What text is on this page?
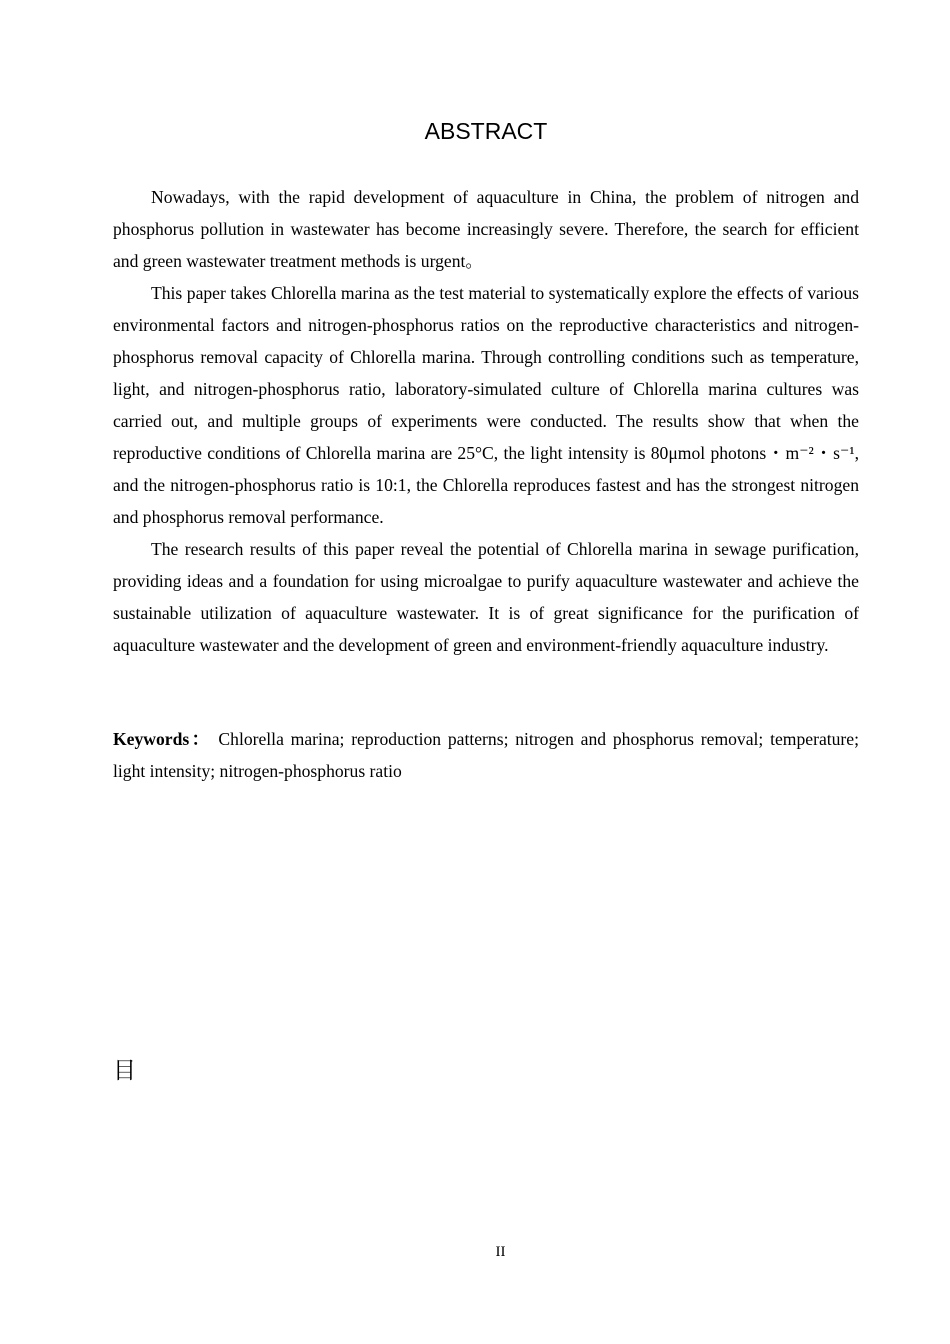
ABSTRACT

Nowadays, with the rapid development of aquaculture in China, the problem of nitrogen and phosphorus pollution in wastewater has become increasingly severe. Therefore, the search for efficient and green wastewater treatment methods is urgent。

This paper takes Chlorella marina as the test material to systematically explore the effects of various environmental factors and nitrogen-phosphorus ratios on the reproductive characteristics and nitrogen-phosphorus removal capacity of Chlorella marina. Through controlling conditions such as temperature, light, and nitrogen-phosphorus ratio, laboratory-simulated culture of Chlorella marina cultures was carried out, and multiple groups of experiments were conducted. The results show that when the reproductive conditions of Chlorella marina are 25°C, the light intensity is 80μmol photons・m⁻²・s⁻¹, and the nitrogen-phosphorus ratio is 10:1, the Chlorella reproduces fastest and has the strongest nitrogen and phosphorus removal performance.

The research results of this paper reveal the potential of Chlorella marina in sewage purification, providing ideas and a foundation for using microalgae to purify aquaculture wastewater and achieve the sustainable utilization of aquaculture wastewater. It is of great significance for the purification of aquaculture wastewater and the development of green and environment-friendly aquaculture industry.

Keywords： Chlorella marina; reproduction patterns; nitrogen and phosphorus removal; temperature; light intensity; nitrogen-phosphorus ratio

目
II
